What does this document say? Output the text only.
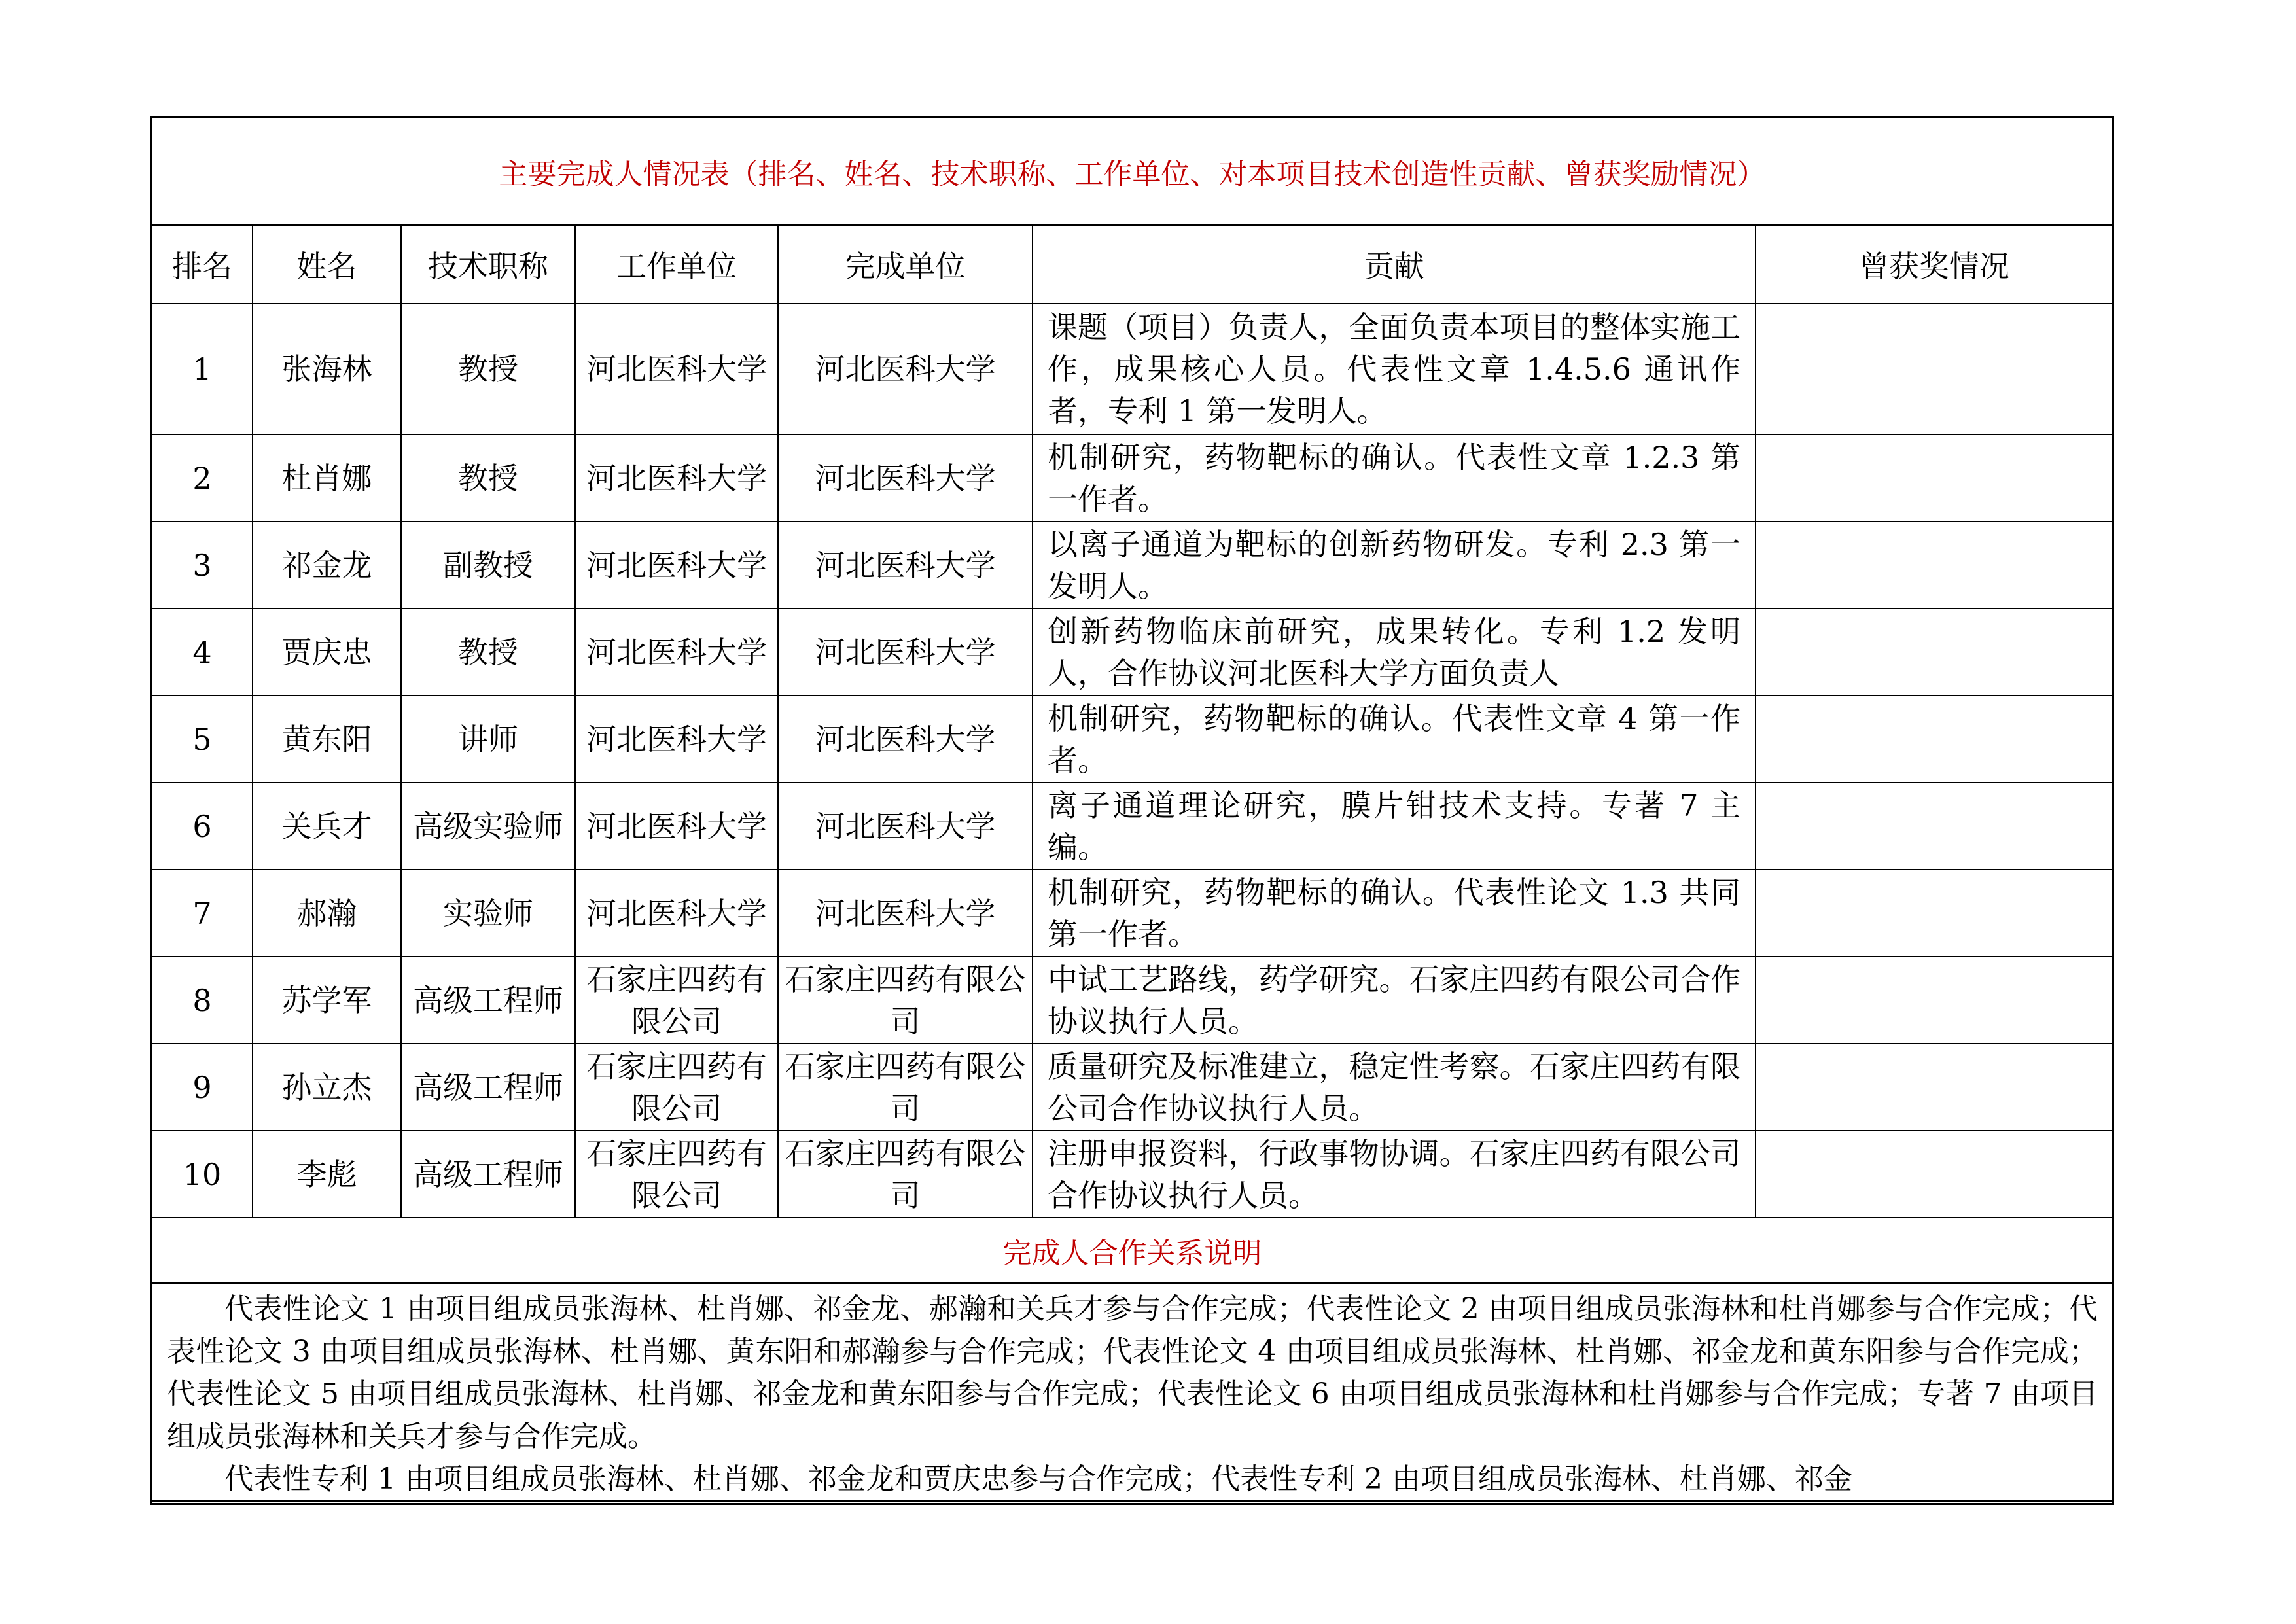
主要完成人情况表（排名、姓名、技术职称、工作单位、对本项目技术创造性贡献、曾获奖励情况）						
排名	姓名	技术职称	工作单位	完成单位	贡献	曾获奖情况
1	张海林	教授	河北医科大学	河北医科大学	课题（项目）负责人，全面负责本项目的整体实施工作，成果核心人员。代表性文章 1.4.5.6 通讯作者，专利 1 第一发明人。	
2	杜肖娜	教授	河北医科大学	河北医科大学	机制研究，药物靶标的确认。代表性文章 1.2.3 第一作者。	
3	祁金龙	副教授	河北医科大学	河北医科大学	以离子通道为靶标的创新药物研发。专利 2.3 第一发明人。	
4	贾庆忠	教授	河北医科大学	河北医科大学	创新药物临床前研究，成果转化。专利 1.2 发明人，合作协议河北医科大学方面负责人	
5	黄东阳	讲师	河北医科大学	河北医科大学	机制研究，药物靶标的确认。代表性文章 4 第一作者。	
6	关兵才	高级实验师	河北医科大学	河北医科大学	离子通道理论研究，膜片钳技术支持。专著 7 主编。	
7	郝瀚	实验师	河北医科大学	河北医科大学	机制研究，药物靶标的确认。代表性论文 1.3 共同第一作者。	
8	苏学军	高级工程师	石家庄四药有限公司	石家庄四药有限公司	中试工艺路线，药学研究。石家庄四药有限公司合作协议执行人员。	
9	孙立杰	高级工程师	石家庄四药有限公司	石家庄四药有限公司	质量研究及标准建立，稳定性考察。石家庄四药有限公司合作协议执行人员。	
10	李彪	高级工程师	石家庄四药有限公司	石家庄四药有限公司	注册申报资料，行政事物协调。石家庄四药有限公司合作协议执行人员。	
完成人合作关系说明						

代表性论文 1 由项目组成员张海林、杜肖娜、祁金龙、郝瀚和关兵才参与合作完成；代表性论文 2 由项目组成员张海林和杜肖娜参与合作完成；代表性论文 3 由项目组成员张海林、杜肖娜、黄东阳和郝瀚参与合作完成；代表性论文 4 由项目组成员张海林、杜肖娜、祁金龙和黄东阳参与合作完成；代表性论文 5 由项目组成员张海林、杜肖娜、祁金龙和黄东阳参与合作完成；代表性论文 6 由项目组成员张海林和杜肖娜参与合作完成；专著 7 由项目组成员张海林和关兵才参与合作完成。

代表性专利 1 由项目组成员张海林、杜肖娜、祁金龙和贾庆忠参与合作完成；代表性专利 2 由项目组成员张海林、杜肖娜、祁金						
